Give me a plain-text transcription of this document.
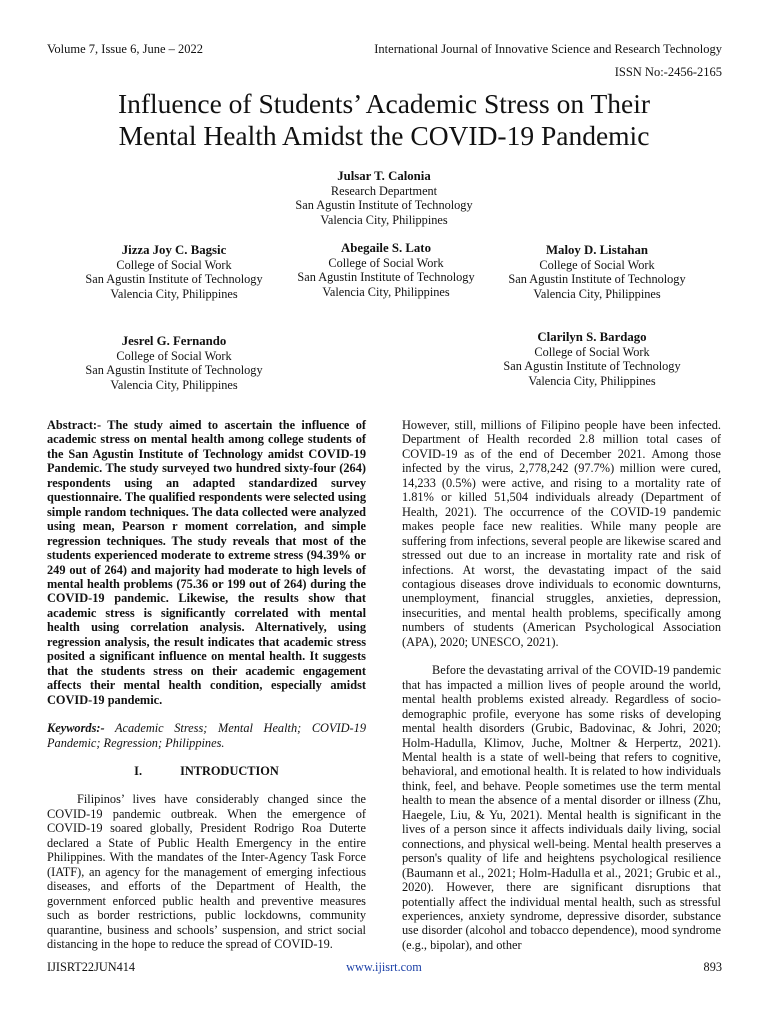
Volume 7, Issue 6, June – 2022	International Journal of Innovative Science and Research Technology
ISSN No:-2456-2165
Influence of Students’ Academic Stress on Their
Mental Health Amidst the COVID-19 Pandemic
Julsar T. Calonia
Research Department
San Agustin Institute of Technology
Valencia City, Philippines
Jizza Joy C. Bagsic
College of Social Work
San Agustin Institute of Technology
Valencia City, Philippines
Abegaile S. Lato
College of Social Work
San Agustin Institute of Technology
Valencia City, Philippines
Maloy D. Listahan
College of Social Work
San Agustin Institute of Technology
Valencia City, Philippines
Jesrel G. Fernando
College of Social Work
San Agustin Institute of Technology
Valencia City, Philippines
Clarilyn S. Bardago
College of Social Work
San Agustin Institute of Technology
Valencia City, Philippines

Abstract:- The study aimed to ascertain the influence of academic stress on mental health among college students of the San Agustin Institute of Technology amidst COVID-19 Pandemic. The study surveyed two hundred sixty-four (264) respondents using an adapted standardized survey questionnaire. The qualified respondents were selected using simple random techniques. The data collected were analyzed using mean, Pearson r moment correlation, and simple regression techniques. The study reveals that most of the students experienced moderate to extreme stress (94.39% or 249 out of 264) and majority had moderate to high levels of mental health problems (75.36 or 199 out of 264) during the COVID-19 pandemic. Likewise, the results show that academic stress is significantly correlated with mental health using correlation analysis. Alternatively, using regression analysis, the result indicates that academic stress posited a significant influence on mental health. It suggests that the students stress on their academic engagement affects their mental health condition, especially amidst COVID-19 pandemic.

Keywords:- Academic Stress; Mental Health; COVID-19 Pandemic; Regression; Philippines.

I.	INTRODUCTION

Filipinos’ lives have considerably changed since the COVID-19 pandemic outbreak. When the emergence of COVID-19 soared globally, President Rodrigo Roa Duterte declared a State of Public Health Emergency in the entire Philippines. With the mandates of the Inter-Agency Task Force (IATF), an agency for the management of emerging infectious diseases, and efforts of the Department of Health, the government enforced public health and preventive measures such as border restrictions, public lockdowns, community quarantine, business and schools’ suspension, and strict social distancing in the hope to reduce the spread of COVID-19.

However, still, millions of Filipino people have been infected. Department of Health recorded 2.8 million total cases of COVID-19 as of the end of December 2021. Among those infected by the virus, 2,778,242 (97.7%) million were cured, 14,233 (0.5%) were active, and rising to a mortality rate of 1.81% or killed 51,504 individuals already (Department of Health, 2021). The occurrence of the COVID-19 pandemic makes people face new realities. While many people are suffering from infections, several people are likewise scared and stressed out due to an increase in mortality rate and risk of infections. At worst, the devastating impact of the said contagious diseases drove individuals to economic downturns, unemployment, financial struggles, anxieties, depression, insecurities, and mental health problems, specifically among numbers of students (American Psychological Association (APA), 2020; UNESCO, 2021).

Before the devastating arrival of the COVID-19 pandemic that has impacted a million lives of people around the world, mental health problems existed already. Regardless of socio-demographic profile, everyone has some risks of developing mental health disorders (Grubic, Badovinac, & Johri, 2020; Holm-Hadulla, Klimov, Juche, Moltner & Herpertz, 2021). Mental health is a state of well-being that refers to cognitive, behavioral, and emotional health. It is related to how individuals think, feel, and behave. People sometimes use the term mental health to mean the absence of a mental disorder or illness (Zhu, Haegele, Liu, & Yu, 2021). Mental health is significant in the lives of a person since it affects individuals daily living, social connections, and physical well-being. Mental health preserves a person's quality of life and heightens psychological resilience (Baumann et al., 2021; Holm-Hadulla et al., 2021; Grubic et al., 2020). However, there are significant disruptions that potentially affect the individual mental health, such as stressful experiences, anxiety syndrome, depressive disorder, substance use disorder (alcohol and tobacco dependence), mood syndrome (e.g., bipolar), and other

IJISRT22JUN414	www.ijisrt.com	893
